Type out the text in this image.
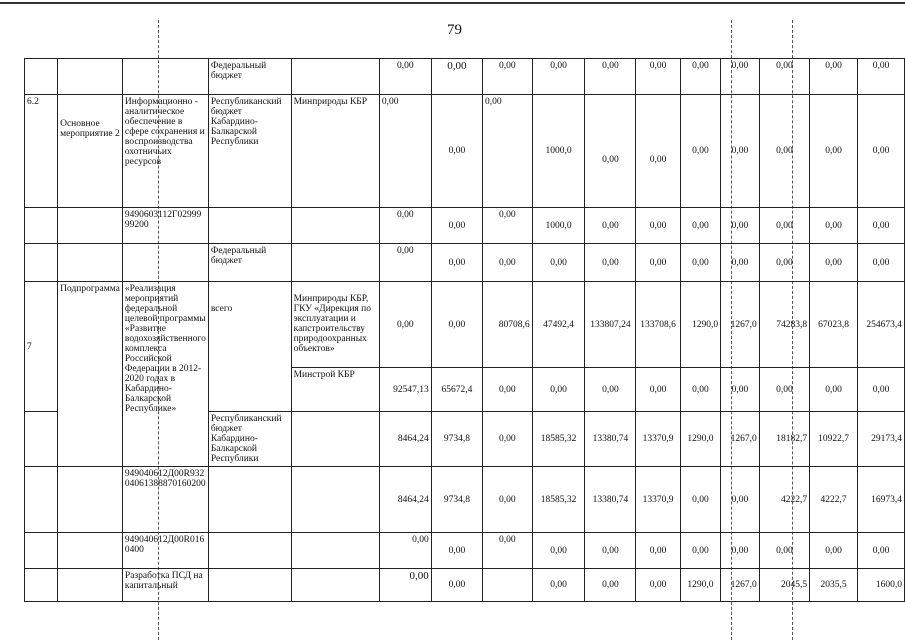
79
			Федеральный бюджет		0,00	0,00	0,00	0,00	0,00	0,00	0,00	0,00	0,00	0,00	0,00
6.2	Основное мероприятие 2	Информационно - аналитическое обеспечение в сфере сохранения и воспроизводства охотничьих ресурсов	Республиканский бюджет Кабардино-Балкарской Республики	Минприроды КБР	0,00	0,00	0,00	1000,0	0,00	0,00	0,00	0,00	0,00	0,00	0,00
		9490603112Г0299999200			0,00	0,00	0,00	1000,0	0,00	0,00	0,00	0,00	0,00	0,00	0,00
			Федеральный бюджет		0,00	0,00	0,00	0,00	0,00	0,00	0,00	0,00	0,00	0,00	0,00
7	Подпрограмма	«Реализация мероприятий федеральной целевой программы «Развитие водохозяйственного комплекса Российской Федерации в 2012-2020 годах в Кабардино-Балкарской Республике»	всего	Минприроды КБР, ГКУ «Дирекция по эксплуатации и капстроительству природоохранных объектов»	0,00	0,00	80708,6	47492,4	133807,24	133708,6	1290,0	1267,0	74283,8	67023,8	254673,4
				Минстрой КБР	92547,13	65672,4	0,00	0,00	0,00	0,00	0,00	0,00	0,00	0,00	0,00
			Республиканский бюджет Кабардино-Балкарской Республики		8464,24	9734,8	0,00	18585,32	13380,74	13370,9	1290,0	1267,0	18182,7	10922,7	29173,4
		949040612Д00R93204061388870160200			8464,24	9734,8	0,00	18585,32	13380,74	13370,9	0,00	0,00	4222,7	4222,7	16973,4
		949040612Д00R0160400			0,00	0,00	0,00	0,00	0,00	0,00	0,00	0,00	0,00	0,00	0,00
		Разработка ПСД на капитальный			0,00	0,00		0,00	0,00	0,00	1290,0	1267,0	2045,5	2035,5	1600,0
